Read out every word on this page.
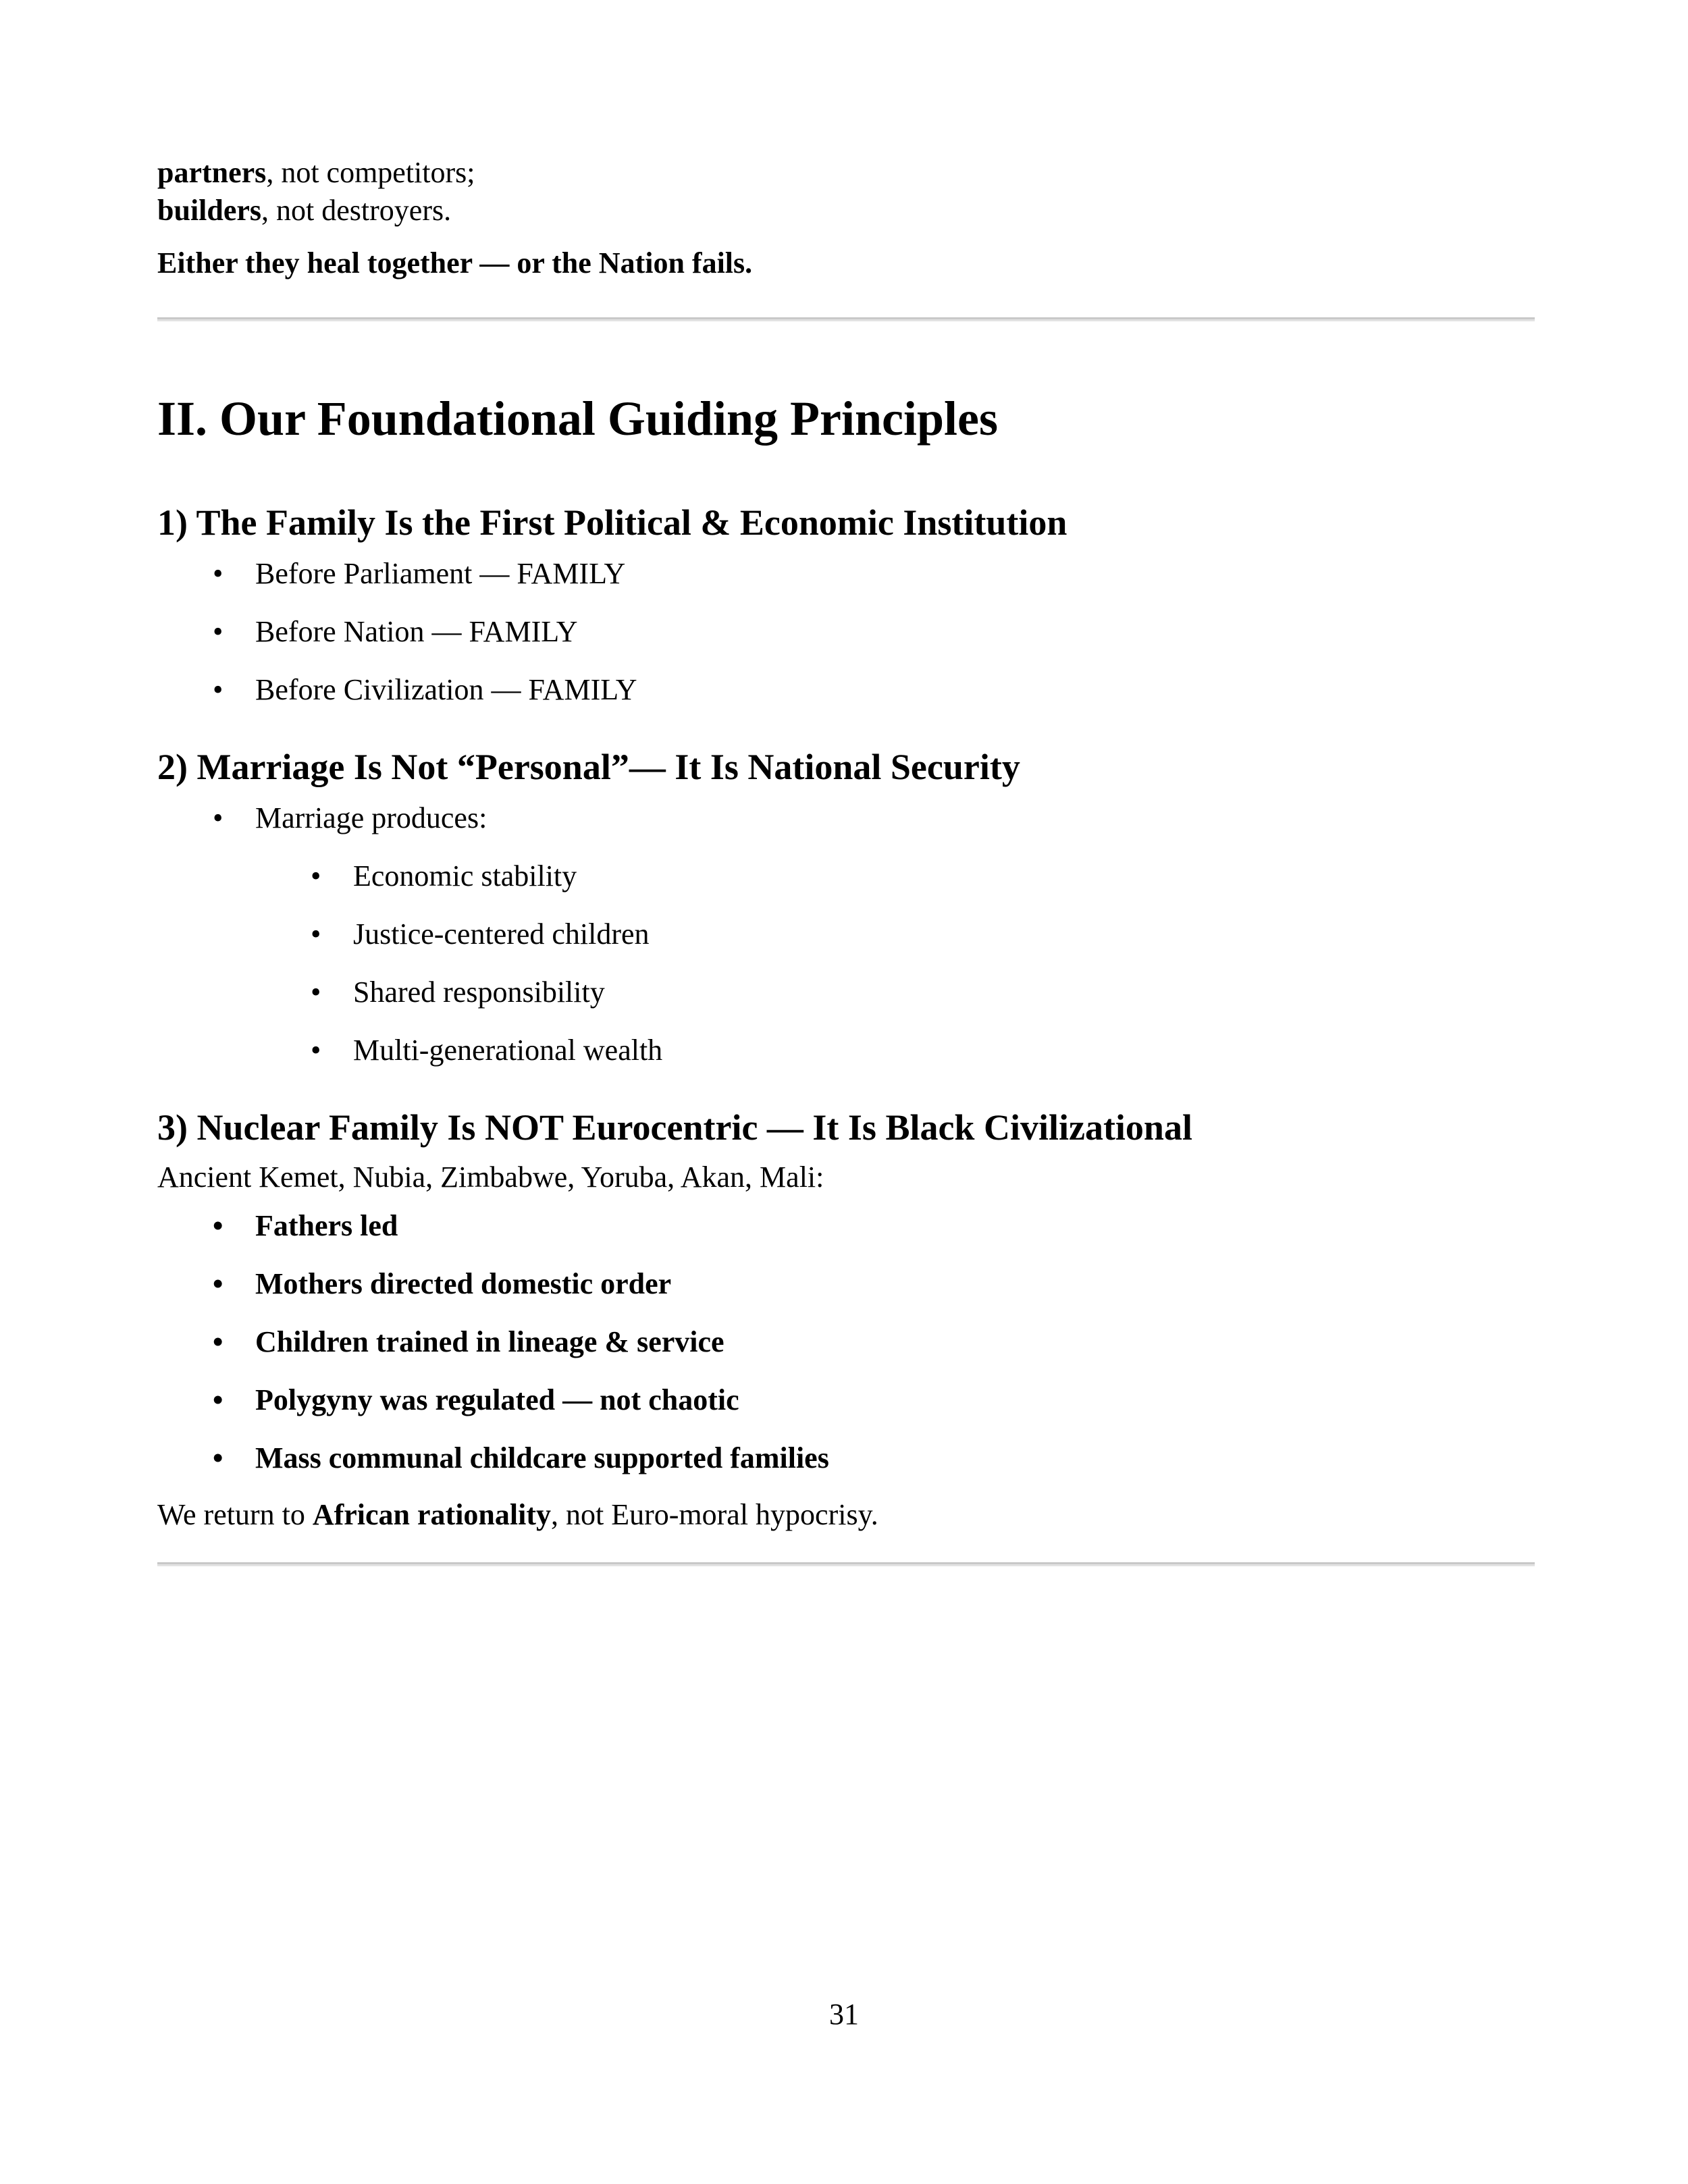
partners, not competitors;

builders, not destroyers.

Either they heal together — or the Nation fails.

II. Our Foundational Guiding Principles
1) The Family Is the First Political & Economic Institution
• Before Parliament — FAMILY
• Before Nation — FAMILY
• Before Civilization — FAMILY
2) Marriage Is Not “Personal”— It Is National Security
• Marriage produces:
• Economic stability
• Justice-centered children
• Shared responsibility
• Multi-generational wealth
3) Nuclear Family Is NOT Eurocentric — It Is Black Civilizational

Ancient Kemet, Nubia, Zimbabwe, Yoruba, Akan, Mali:

• Fathers led
• Mothers directed domestic order
• Children trained in lineage & service
• Polygyny was regulated — not chaotic
• Mass communal childcare supported families

We return to African rationality, not Euro-moral hypocrisy.

31
